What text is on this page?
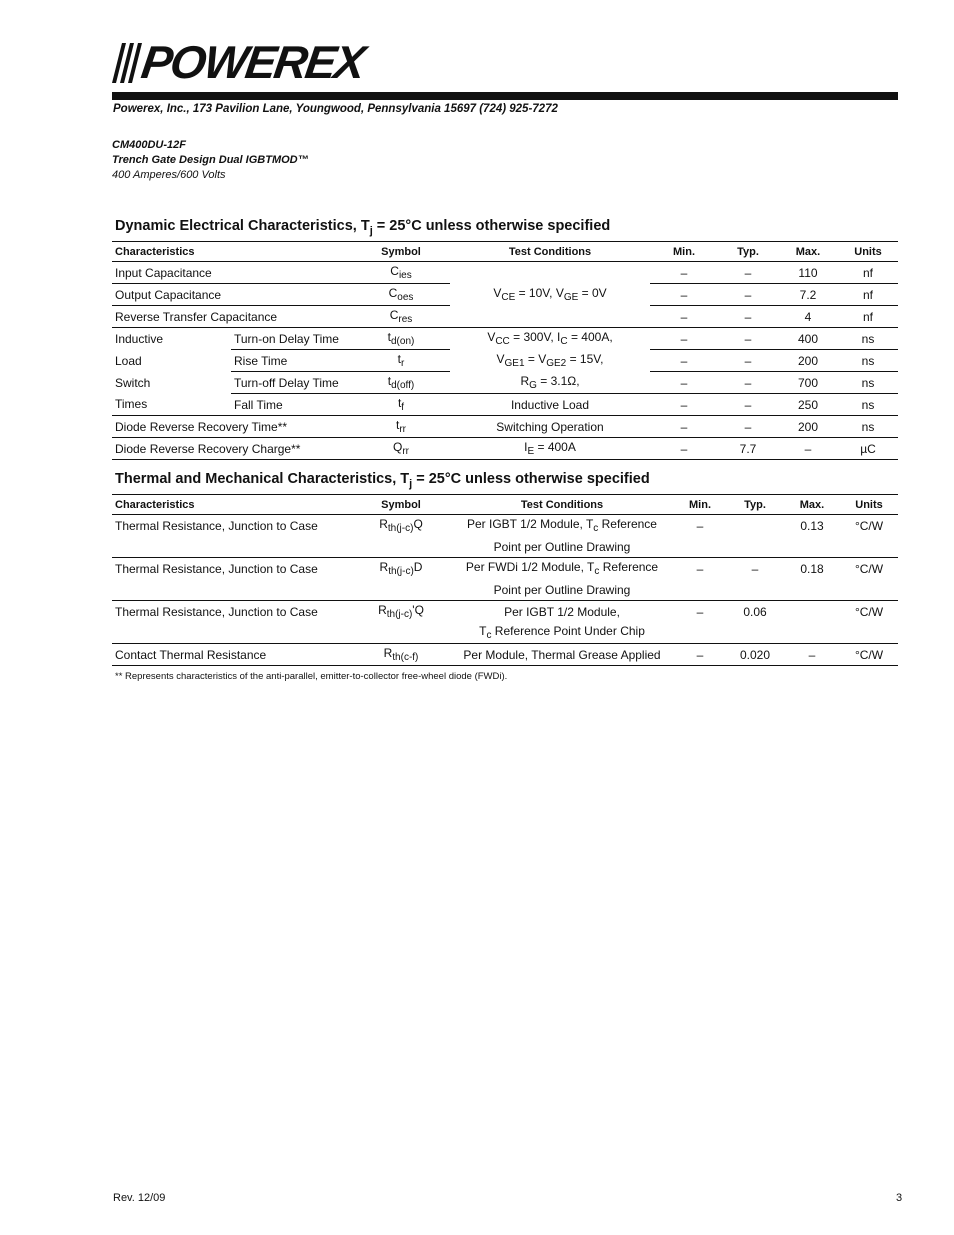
POWEREX
Powerex, Inc., 173 Pavilion Lane, Youngwood, Pennsylvania 15697 (724) 925-7272
CM400DU-12F
Trench Gate Design Dual IGBTMOD™
400 Amperes/600 Volts
Dynamic Electrical Characteristics, $T_j = 25^\circ C$ unless otherwise specified
Characteristics		Symbol	Test Conditions	Min.	Typ.	Max.	Units
Input Capacitance		$C_{ies}$	$V_{CE} = 10V$, $V_{GE} = 0V$	–	–	110	nf
Output Capacitance		$C_{oes}$		–	–	7.2	nf
Reverse Transfer Capacitance		$C_{res}$		–	–	4	nf
Inductive	Turn-on Delay Time	$t_{d(on)}$	$V_{CC} = 300V$, $I_C = 400A$,	–	–	400	ns
Load	Rise Time	$t_r$	$V_{GE1} = V_{GE2} = 15V$,	–	–	200	ns
Switch	Turn-off Delay Time	$t_{d(off)}$	$R_G = 3.1\Omega$,	–	–	700	ns
Times	Fall Time	$t_f$	Inductive Load	–	–	250	ns
Diode Reverse Recovery Time**		$t_{rr}$	Switching Operation	–	–	200	ns
Diode Reverse Recovery Charge**		$Q_{rr}$	$I_E = 400A$	–	7.7	–	µC
Thermal and Mechanical Characteristics, $T_j = 25^\circ C$ unless otherwise specified
Characteristics	Symbol	Test Conditions	Min.	Typ.	Max.	Units
Thermal Resistance, Junction to Case	$R_{th(j-c)}Q$	Per IGBT 1/2 Module, $T_c$ Reference	–		0.13	°C/W
		Point per Outline Drawing				
Thermal Resistance, Junction to Case	$R_{th(j-c)}D$	Per FWDi 1/2 Module, $T_c$ Reference	–	–	0.18	°C/W
		Point per Outline Drawing				
Thermal Resistance, Junction to Case	$R_{th(j-c)}'Q$	Per IGBT 1/2 Module,	–	0.06		°C/W
		$T_c$ Reference Point Under Chip				
Contact Thermal Resistance	$R_{th(c-f)}$	Per Module, Thermal Grease Applied	–	0.020	–	°C/W
** Represents characteristics of the anti-parallel, emitter-to-collector free-wheel diode (FWDi).
Rev. 12/09	3
